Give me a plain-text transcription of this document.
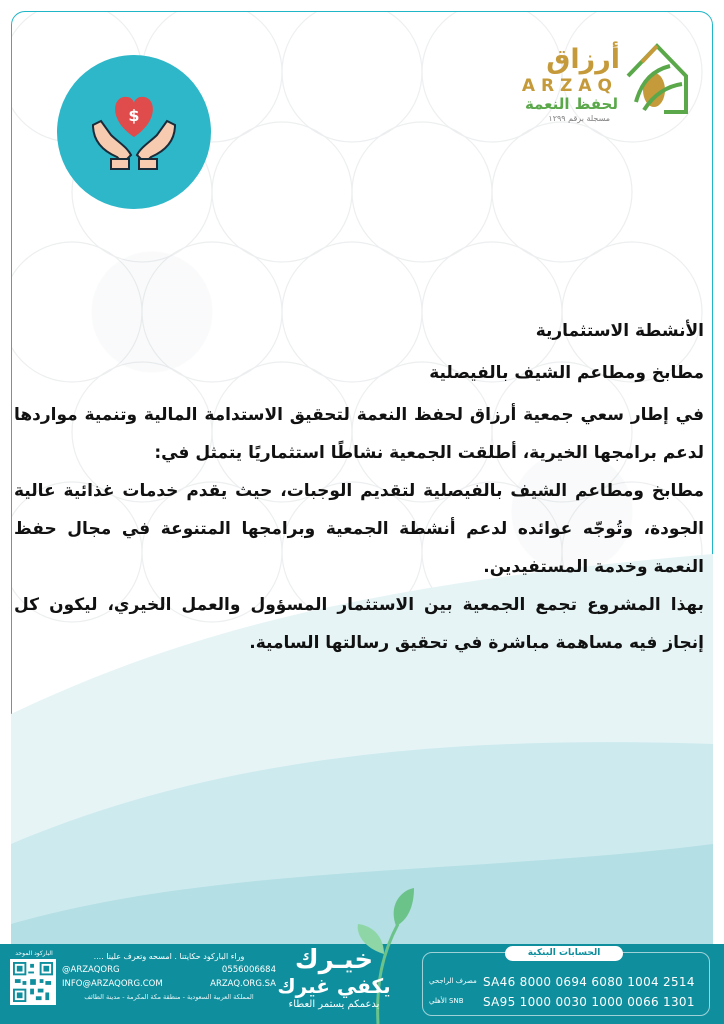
أرزاق
ARZAQ
لحفظ النعمة
مسجلة برقم ١٢٩٩
$

الأنشطة الاستثمارية

مطابخ ومطاعم الشيف بالفيصلية

في إطار سعي جمعية أرزاق لحفظ النعمة لتحقيق الاستدامة المالية وتنمية مواردها لدعم برامجها الخيرية، أطلقت الجمعية نشاطًا استثماريًا يتمثل في:

مطابخ ومطاعم الشيف بالفيصلية لتقديم الوجبات، حيث يقدم خدمات غذائية عالية الجودة، وتُوجّه عوائده لدعم أنشطة الجمعية وبرامجها المتنوعة في مجال حفظ النعمة وخدمة المستفيدين.

بهذا المشروع تجمع الجمعية بين الاستثمار المسؤول والعمل الخيري، ليكون كل إنجاز فيه مساهمة مباشرة في تحقيق رسالتها السامية.

الحسابات البنكية
SA46 8000 0694 6080 1004 2514
SA95 1000 0030 1000 0066 1301
مصرف الراجحي
SNB الأهلي
خيـرك
يكفي غيرك
بدعمكم يستمر العطاء
وراء الباركود حكايتنا . امسحه وتعرف علينا ....
@ARZAQORG	0556006684
INFO@ARZAQORG.COM	ARZAQ.ORG.SA
المملكة العربية السعودية - منطقة مكة المكرمة - مدينة الطائف
الباركود الموحد
